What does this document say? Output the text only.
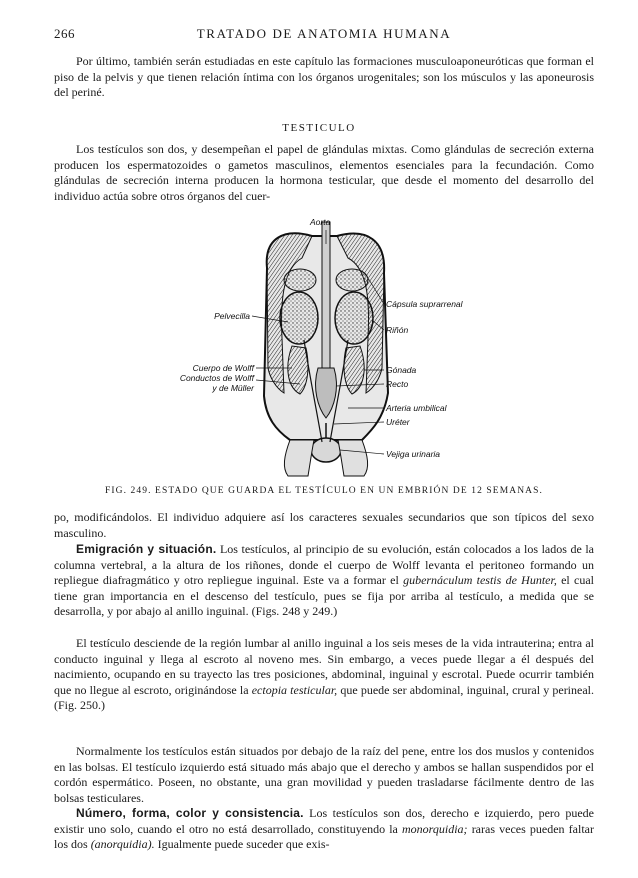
266	TRATADO DE ANATOMIA HUMANA

Por último, también serán estudiadas en este capítulo las formaciones musculoaponeuróticas que forman el piso de la pelvis y que tienen relación íntima con los órganos urogenitales; son los músculos y las aponeurosis del periné.

TESTICULO

Los testículos son dos, y desempeñan el papel de glándulas mixtas. Como glándulas de secreción externa producen los espermatozoides o gametos masculinos, elementos esenciales para la fecundación. Como glándulas de secreción interna producen la hormona testicular, que desde el momento del desarrollo del individuo actúa sobre otros órganos del cuer-

Aorta
Cápsula suprarrenal
Pelvecilla
Riñón
Cuerpo de Wolff
Conductos de Wolff
y de Müller
Gónada
Recto
Arteria umbilical
Uréter
Vejiga urinaria
FIG. 249. ESTADO QUE GUARDA EL TESTÍCULO EN UN EMBRIÓN DE 12 SEMANAS.

po, modificándolos. El individuo adquiere así los caracteres sexuales secundarios que son típicos del sexo masculino.

Emigración y situación. Los testículos, al principio de su evolución, están colocados a los lados de la columna vertebral, a la altura de los riñones, donde el cuerpo de Wolff levanta el peritoneo formando un repliegue diafragmático y otro repliegue inguinal. Este va a formar el gubernáculum testis de Hunter, el cual tiene gran importancia en el descenso del testículo, pues se fija por arriba al testículo, a medida que se desarrolla, y por abajo al anillo inguinal. (Figs. 248 y 249.)

El testículo desciende de la región lumbar al anillo inguinal a los seis meses de la vida intrauterina; entra al conducto inguinal y llega al escroto al noveno mes. Sin embargo, a veces puede llegar a él después del nacimiento, ocupando en su trayecto las tres posiciones, abdominal, inguinal y escrotal. Puede ocurrir también que no llegue al escroto, originándose la ectopia testicular, que puede ser abdominal, inguinal, crural y perineal. (Fig. 250.)

Normalmente los testículos están situados por debajo de la raíz del pene, entre los dos muslos y contenidos en las bolsas. El testículo izquierdo está situado más abajo que el derecho y ambos se hallan suspendidos por el cordón espermático. Poseen, no obstante, una gran movilidad y pueden trasladarse fácilmente dentro de las bolsas testiculares.

Número, forma, color y consistencia. Los testículos son dos, derecho e izquierdo, pero puede existir uno solo, cuando el otro no está desarrollado, constituyendo la monorquidia; raras veces pueden faltar los dos (anorquidia). Igualmente puede suceder que exis-
